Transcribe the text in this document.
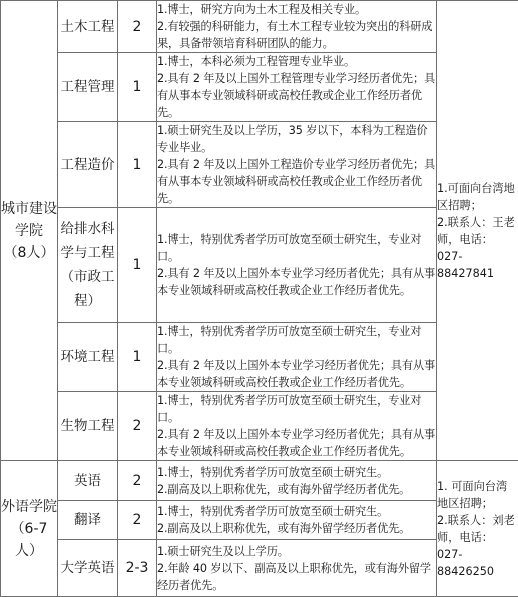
城市建设
学院
（8人）	土木工程	2	1.博士，研究方向为土木工程及相关专业。
2.有较强的科研能力，有土木工程专业较为突出的科研成果，具备带领培育科研团队的能力。	1.可面向台湾地
区招聘；
2.联系人：王老
师，电话：
027-88427841

	工程管理	1	1.博士，本科必须为工程管理专业毕业。
2.具有 2 年及以上国外工程管理专业学习经历者优先；具有从事本专业领域科研或高校任教或企业工作经历者优先。	

	工程造价	1	1.硕士研究生及以上学历，35 岁以下，本科为工程造价专业毕业。
2.具有 2 年及以上国外工程造价专业学习经历者优先；具有从事本专业领域科研或高校任教或企业工作经历者优先。	

	给排水科
学与工程
（市政工
程）	1	1.博士，特别优秀者学历可放宽至硕士研究生，专业对口。
2.具有 2 年及以上国外本专业学习经历者优先；具有从事本专业领域科研或高校任教或企业工作经历者优先。	

	环境工程	1	1.博士，特别优秀者学历可放宽至硕士研究生，专业对口。
2.具有 2 年及以上国外本专业学习经历者优先；具有从事本专业领域科研或高校任教或企业工作经历者优先。	

	生物工程	2	1.博士，特别优秀者学历可放宽至硕士研究生，专业对口。
2.具有 2 年及以上国外本专业学习经历者优先；具有从事本专业领域科研或高校任教或企业工作经历者优先。	

外语学院
（6-7人）	英语	2	1.博士，特别优秀者学历可放宽至硕士研究生。
2.副高及以上职称优先，或有海外留学经历者优先。	1. 可面向台湾
地区招聘；
2.联系人：刘老
师，电话：
027-88426250

	翻译	2	1.博士，特别优秀者学历可放宽至硕士研究生。
2.副高及以上职称优先，或有海外留学经历者优先。	

	大学英语	2-3	1.硕士研究生及以上学历。
2.年龄 40 岁以下、副高及以上职称优先，或有海外留学经历者优先。	
